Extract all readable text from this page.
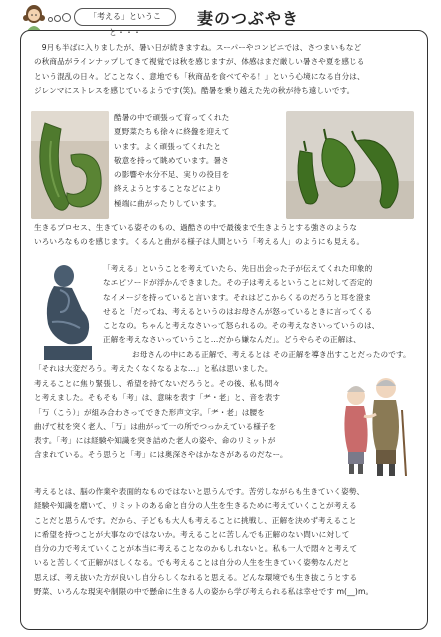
「考える」ということ・・・
妻のつぶやき

　9月も半ばに入りましたが、暑い日が続きますね。スーパーやコンビニでは、さつまいもなど

の秋商品がラインナップしてきて視覚では秋を感じますが、体感はまだ厳しい暑さや夏を感じる

という混乱の日々。どことなく、意地でも「秋商品を食べてやる！」という心境になる自分は、

ジレンマにストレスを感じているようです(笑)。酷暑を乗り越えた先の秋が待ち遠しいです。

酷暑の中で頑張って育ってくれた

夏野菜たちも徐々に終盤を迎えて

います。よく頑張ってくれたと

敬意を持って眺めています。暑さ

の影響や水分不足、実りの役目を

終えようとすることなどにより

極端に曲がったりしています。

生きるプロセス、生きている姿そのもの、過酷さの中で最後まで生きようとする強さのような

いろいろなものを感じます。くるんと曲がる様子は人間という「考える人」のようにも見える。

「考える」ということを考えていたら、先日出会った子が伝えてくれた印象的

なエピソードが浮かんできました。その子は考えるということに対して否定的

なイメージを持っていると言います。それはどこからくるのだろうと耳を澄ま

せると「だってね、考えるというのはお母さんが怒っているときに言ってくる

ことなの。ちゃんと考えなさいって怒られるの。その考えなさいっていうのは、

正解を考えなさいっていうこと…だから嫌なんだ」。どうやらその正解は、

お母さんの中にある正解で、考えるとは その正解を導き出すことだったのです。

「それは大変だろう。考えたくなくなるよな…」と私は思いました。

考えることに焦り緊張し、希望を持てないだろうと。その後、私も問々

と考えました。そもそも「考」は、意味を表す「耂・老」と、音を表す

「丂（こう）」が組み合わさってできた形声文字。「耂・老」は腰を

曲げて杖を突く老人、「丂」は曲がって一の所でつっかえている様子を

表す。「考」には経験や知識を突き詰めた老人の姿や、命のリミットが

含まれている。そう思うと「考」には奥深さやはかなさがあるのだなー。

考えるとは、脳の作業や表面的なものではないと思うんです。苦労しながらも生きていく姿勢、

経験や知識を磨いて、リミットのある命と自分の人生を生きるために考えていくことが考える

ことだと思うんです。だから、子どもも大人も考えることに挑戦し、正解を決めず考えること

に希望を持つことが大事なのではないか。考えることに苦しんでも正解のない問いに対して

自分の力で考えていくことが本当に考えることなのかもしれないと。私も一人で悶々と考えて

いると苦しくて正解がほしくなる。でも考えることは自分の人生を生きていく姿勢なんだと

思えば、考え抜いた方が良いし自分らしくなれると思える。どんな環境でも生き抜こうとする

野菜、いろんな現実や制限の中で懸命に生きる人の姿から学び考えられる私は幸せです m(__)m。
